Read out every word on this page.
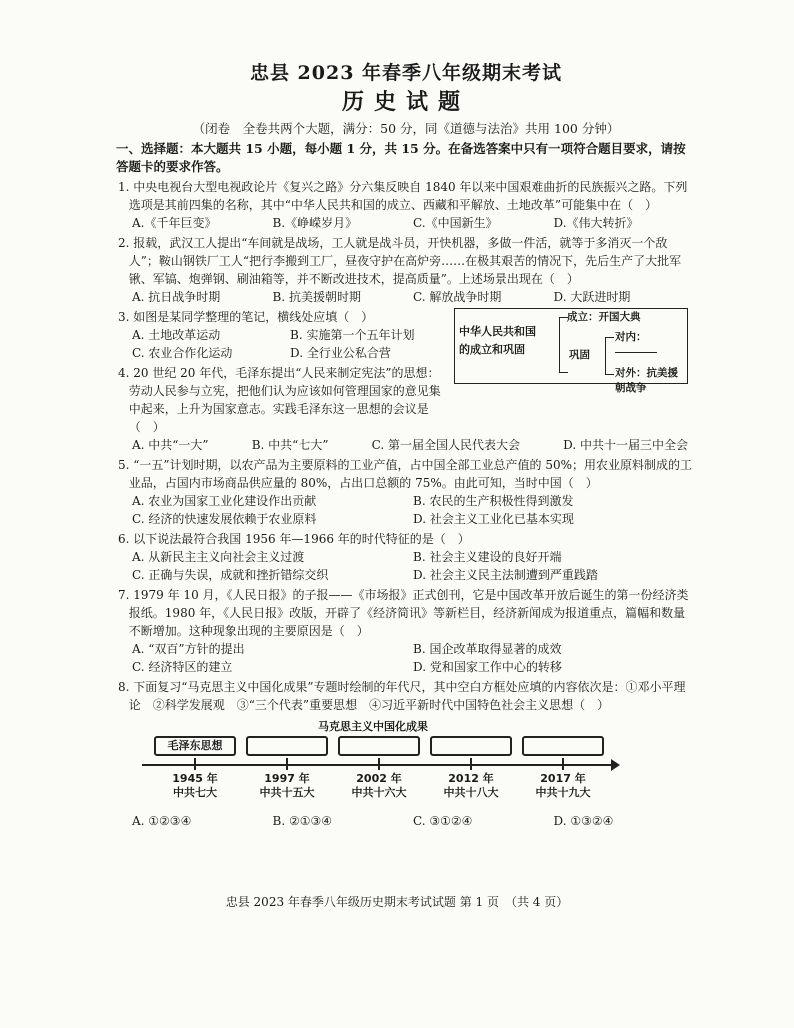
忠县 2023 年春季八年级期末考试
历史试题

（闭卷　全卷共两个大题，满分：50 分，同《道德与法治》共用 100 分钟）

一、选择题：本大题共 15 小题，每小题 1 分，共 15 分。在备选答案中只有一项符合题目要求，请按答题卡的要求作答。
1. 中央电视台大型电视政论片《复兴之路》分六集反映自 1840 年以来中国艰难曲折的民族振兴之路。下列选项是其前四集的名称，其中“中华人民共和国的成立、西藏和平解放、土地改革”可能集中在（　）
A.《千年巨变》	B.《峥嵘岁月》	C.《中国新生》	D.《伟大转折》
2. 报载，武汉工人提出“车间就是战场，工人就是战斗员，开快机器，多做一件活，就等于多消灭一个敌人”；鞍山钢铁厂工人“把行李搬到工厂，昼夜守护在高炉旁……在极其艰苦的情况下，先后生产了大批军锹、军镐、炮弹钢、刷油箱等，并不断改进技术，提高质量”。上述场景出现在（　）
A. 抗日战争时期	B. 抗美援朝时期	C. 解放战争时期	D. 大跃进时期
中华人民共和国
的成立和巩固
成立：开国大典
巩固
对内：
对外：抗美援朝战争
3. 如图是某同学整理的笔记，横线处应填（　）
A. 土地改革运动	B. 实施第一个五年计划
C. 农业合作化运动	D. 全行业公私合营
4. 20 世纪 20 年代，毛泽东提出“人民来制定宪法”的思想：劳动人民参与立宪，把他们认为应该如何管理国家的意见集中起来，上升为国家意志。实践毛泽东这一思想的会议是（　）
A. 中共“一大”	B. 中共“七大”	C. 第一届全国人民代表大会	D. 中共十一届三中全会
5. “一五”计划时期，以农产品为主要原料的工业产值，占中国全部工业总产值的 50%；用农业原料制成的工业品，占国内市场商品供应量的 80%，占出口总额的 75%。由此可知，当时中国（　）
A. 农业为国家工业化建设作出贡献	B. 农民的生产积极性得到激发
C. 经济的快速发展依赖于农业原料	D. 社会主义工业化已基本实现
6. 以下说法最符合我国 1956 年—1966 年的时代特征的是（　）
A. 从新民主主义向社会主义过渡	B. 社会主义建设的良好开端
C. 正确与失误，成就和挫折错综交织	D. 社会主义民主法制遭到严重践踏
7. 1979 年 10 月，《人民日报》的子报——《市场报》正式创刊，它是中国改革开放后诞生的第一份经济类报纸。1980 年，《人民日报》改版，开辟了《经济简讯》等新栏目，经济新闻成为报道重点，篇幅和数量不断增加。这种现象出现的主要原因是（　）
A. “双百”方针的提出	B. 国企改革取得显著的成效
C. 经济特区的建立	D. 党和国家工作中心的转移
8. 下面复习“马克思主义中国化成果”专题时绘制的年代尺，其中空白方框处应填的内容依次是：①邓小平理论　②科学发展观　③“三个代表”重要思想　④习近平新时代中国特色社会主义思想（　）
马克思主义中国化成果
毛泽东思想
1945 年
中共七大
1997 年
中共十五大
2002 年
中共十六大
2012 年
中共十八大
2017 年
中共十九大
A. ①②③④	B. ②①③④	C. ③①②④	D. ①③②④
忠县 2023 年春季八年级历史期末考试试题 第 1 页　（共 4 页）
